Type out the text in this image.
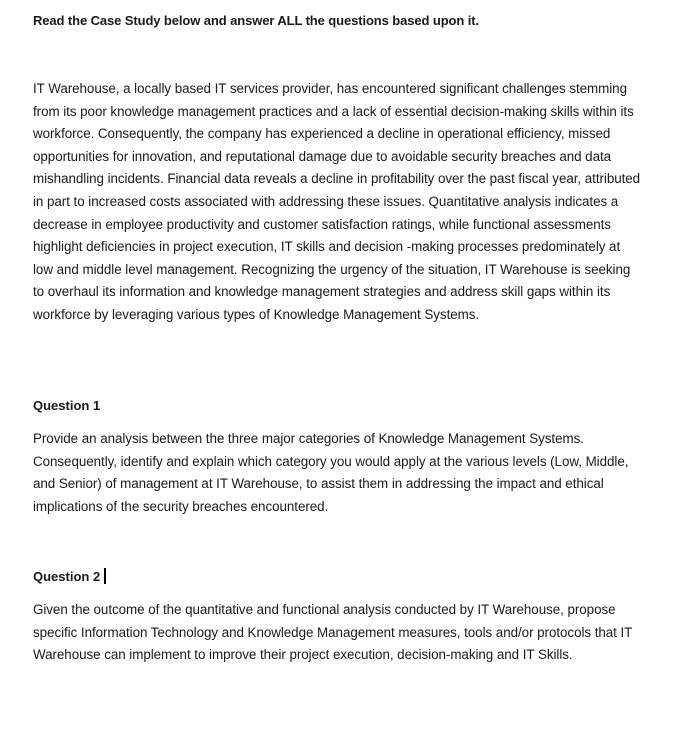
Read the Case Study below and answer ALL the questions based upon it.

IT Warehouse, a locally based IT services provider, has encountered significant challenges stemming from its poor knowledge management practices and a lack of essential decision-making skills within its workforce. Consequently, the company has experienced a decline in operational efficiency, missed opportunities for innovation, and reputational damage due to avoidable security breaches and data mishandling incidents. Financial data reveals a decline in profitability over the past fiscal year, attributed in part to increased costs associated with addressing these issues. Quantitative analysis indicates a decrease in employee productivity and customer satisfaction ratings, while functional assessments highlight deficiencies in project execution, IT skills and decision -making processes predominately at low and middle level management. Recognizing the urgency of the situation, IT Warehouse is seeking to overhaul its information and knowledge management strategies and address skill gaps within its workforce by leveraging various types of Knowledge Management Systems.

Question 1

Provide an analysis between the three major categories of Knowledge Management Systems. Consequently, identify and explain which category you would apply at the various levels (Low, Middle, and Senior) of management at IT Warehouse, to assist them in addressing the impact and ethical implications of the security breaches encountered.

Question 2

Given the outcome of the quantitative and functional analysis conducted by IT Warehouse, propose specific Information Technology and Knowledge Management measures, tools and/or protocols that IT Warehouse can implement to improve their project execution, decision-making and IT Skills.
